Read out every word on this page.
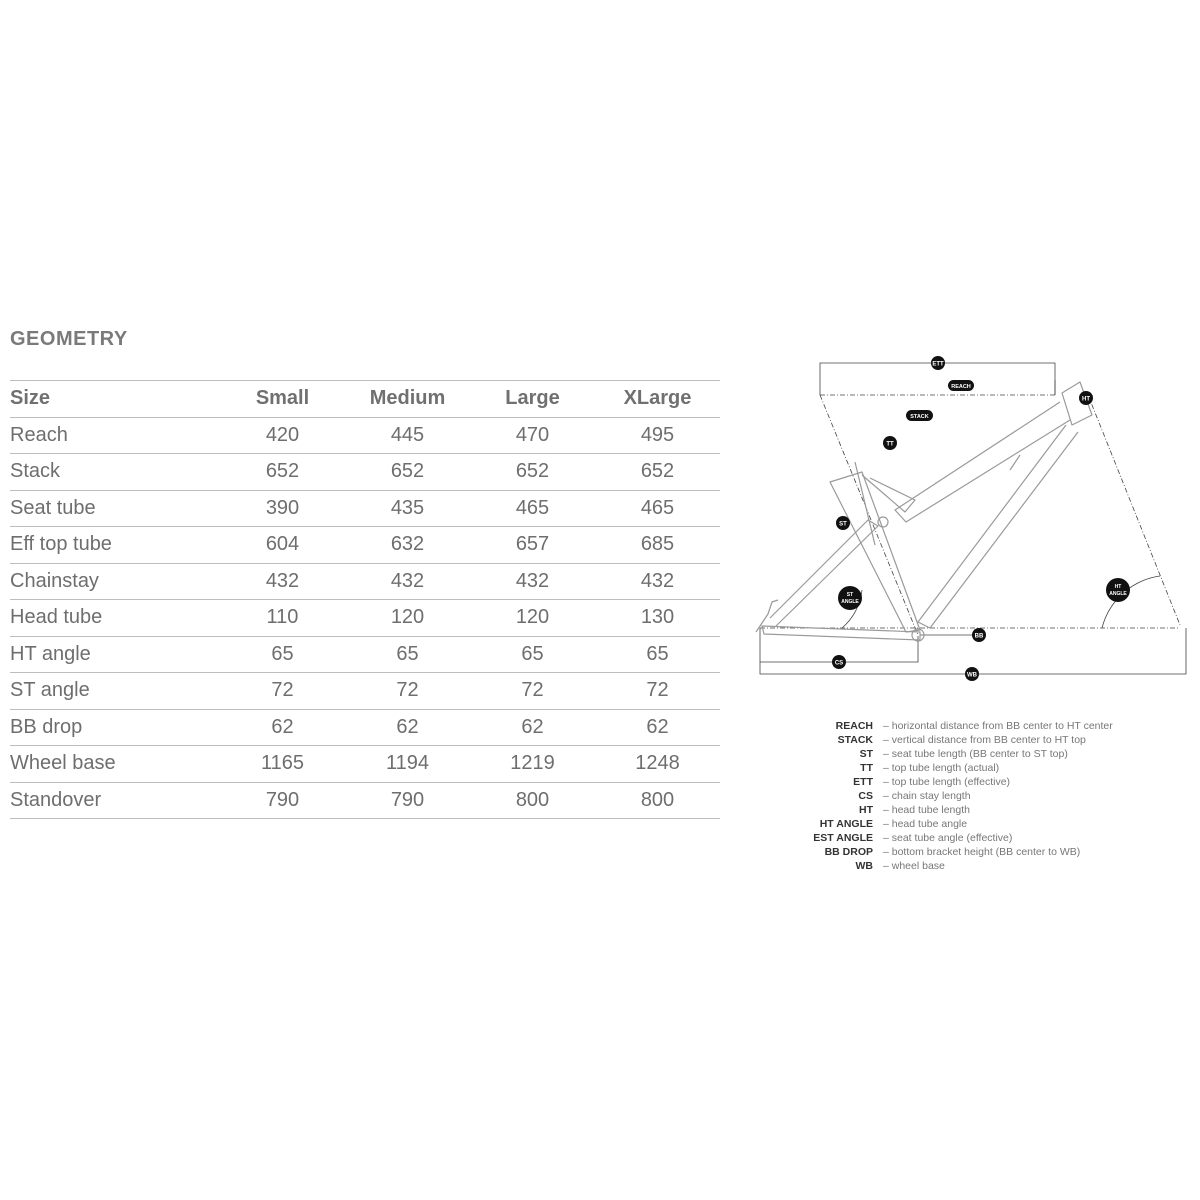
GEOMETRY
Size	Small	Medium	Large	XLarge
Reach	420	445	470	495
Stack	652	652	652	652
Seat tube	390	435	465	465
Eff top tube	604	632	657	685
Chainstay	432	432	432	432
Head tube	110	120	120	130
HT angle	65	65	65	65
ST angle	72	72	72	72
BB drop	62	62	62	62
Wheel base	1165	1194	1219	1248
Standover	790	790	800	800
ETT
REACH
STACK
TT
HT
ST
ST
ANGLE
HT
ANGLE
BB
CS
WB
REACH – horizontal distance from BB center to HT center
STACK – vertical distance from BB center to HT top
ST – seat tube length (BB center to ST top)
TT – top tube length (actual)
ETT – top tube length (effective)
CS – chain stay length
HT – head tube length
HT ANGLE – head tube angle
EST ANGLE – seat tube angle (effective)
BB DROP – bottom bracket height (BB center to WB)
WB – wheel base
